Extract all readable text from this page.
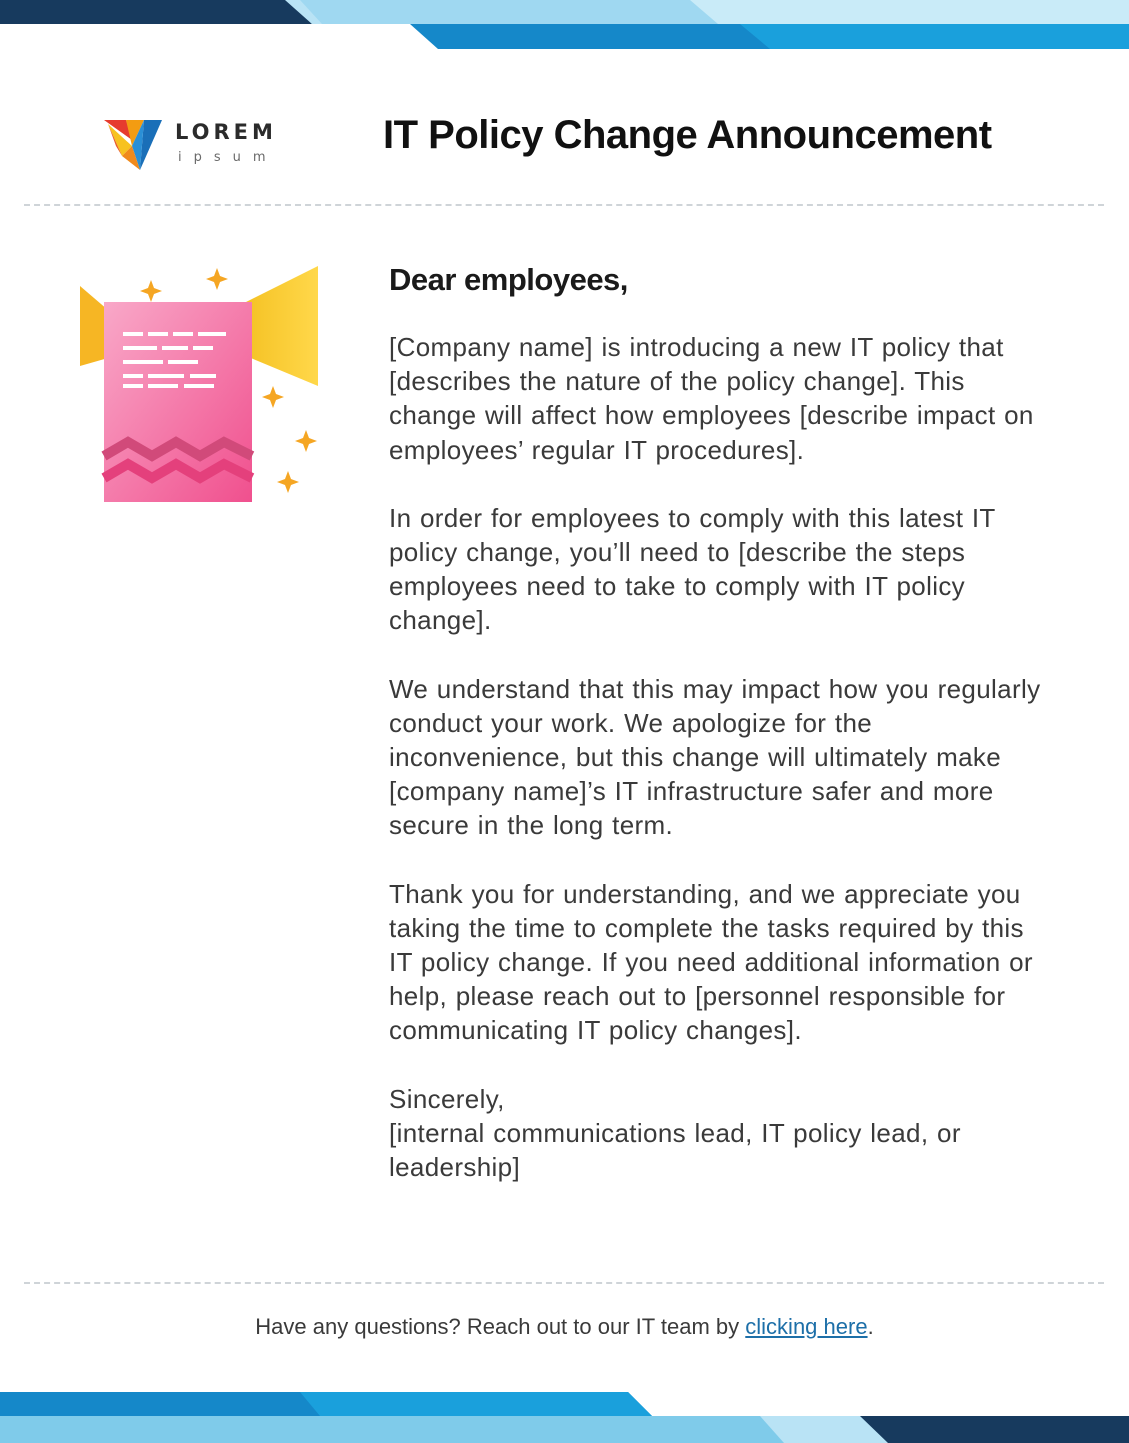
LOREM
ipsum
IT Policy Change Announcement

Dear employees,

[Company name] is introducing a new IT policy that
[describes the nature of the policy change]. This
change will affect how employees [describe impact on
employees’ regular IT procedures].

In order for employees to comply with this latest IT
policy change, you’ll need to [describe the steps
employees need to take to comply with IT policy
change].

We understand that this may impact how you regularly
conduct your work. We apologize for the
inconvenience, but this change will ultimately make
[company name]’s IT infrastructure safer and more
secure in the long term.

Thank you for understanding, and we appreciate you
taking the time to complete the tasks required by this
IT policy change. If you need additional information or
help, please reach out to [personnel responsible for
communicating IT policy changes].

Sincerely,
[internal communications lead, IT policy lead, or
leadership]

Have any questions? Reach out to our IT team by clicking here.
